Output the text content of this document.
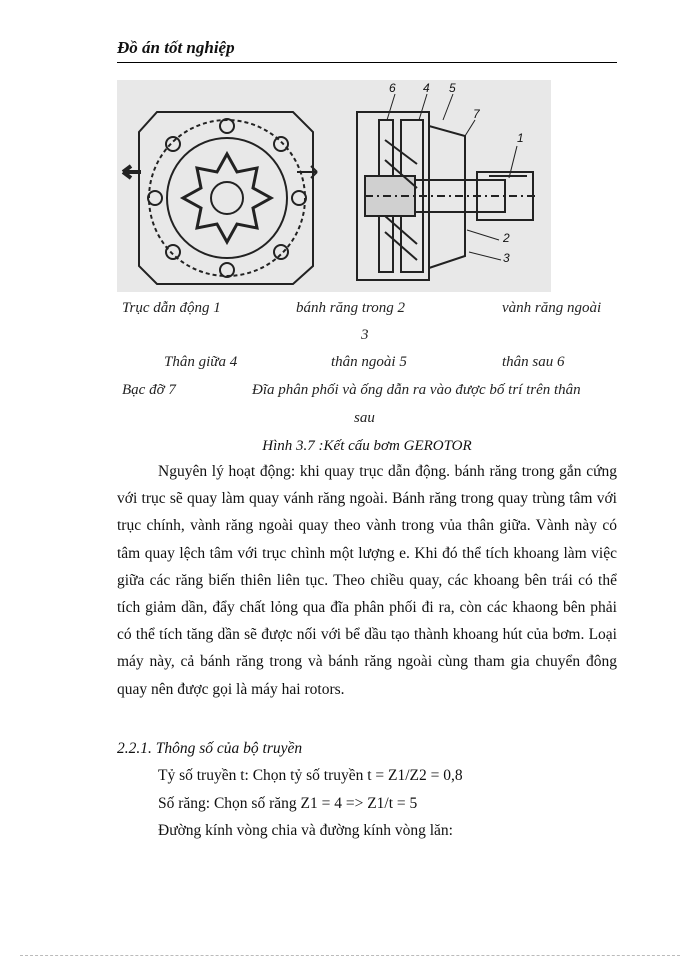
Đồ án tốt nghiệp
6 4 5
7
1
2
3
Trục dẫn động 1	bánh răng trong 2	vành răng ngoài
3
Thân giữa 4	thân ngoài 5	thân sau 6
Bạc đỡ 7	Đĩa phân phối và ống dẫn ra vào được bố trí trên thân
sau
Hình 3.7 :Kết cấu bơm GEROTOR

Nguyên lý hoạt động: khi quay trục dẫn động. bánh răng trong gắn cứng với trục sẽ quay làm quay vánh răng ngoài. Bánh răng trong quay trùng tâm với trục chính, vành răng ngoài quay theo vành trong vủa thân giữa. Vành này có tâm quay lệch tâm với trục chình một lượng e. Khi đó thể tích khoang làm việc giữa các răng biến thiên liên tục. Theo chiều quay, các khoang bên trái có thể tích giảm dần, đẩy chất lỏng qua đĩa phân phối đi ra, còn các khaong bên phải có thể tích tăng dần sẽ được nối với bể dầu tạo thành khoang hút của bơm. Loại máy này, cả bánh răng trong và bánh răng ngoài cùng tham gia chuyển đông quay nên được gọi là máy hai rotors.

2.2.1. Thông số của bộ truyền
Tỷ số truyền t: Chọn tỷ số truyền t = Z1/Z2 = 0,8
Số răng: Chọn số răng Z1 = 4 => Z1/t = 5
Đường kính vòng chia và đường kính vòng lăn:
